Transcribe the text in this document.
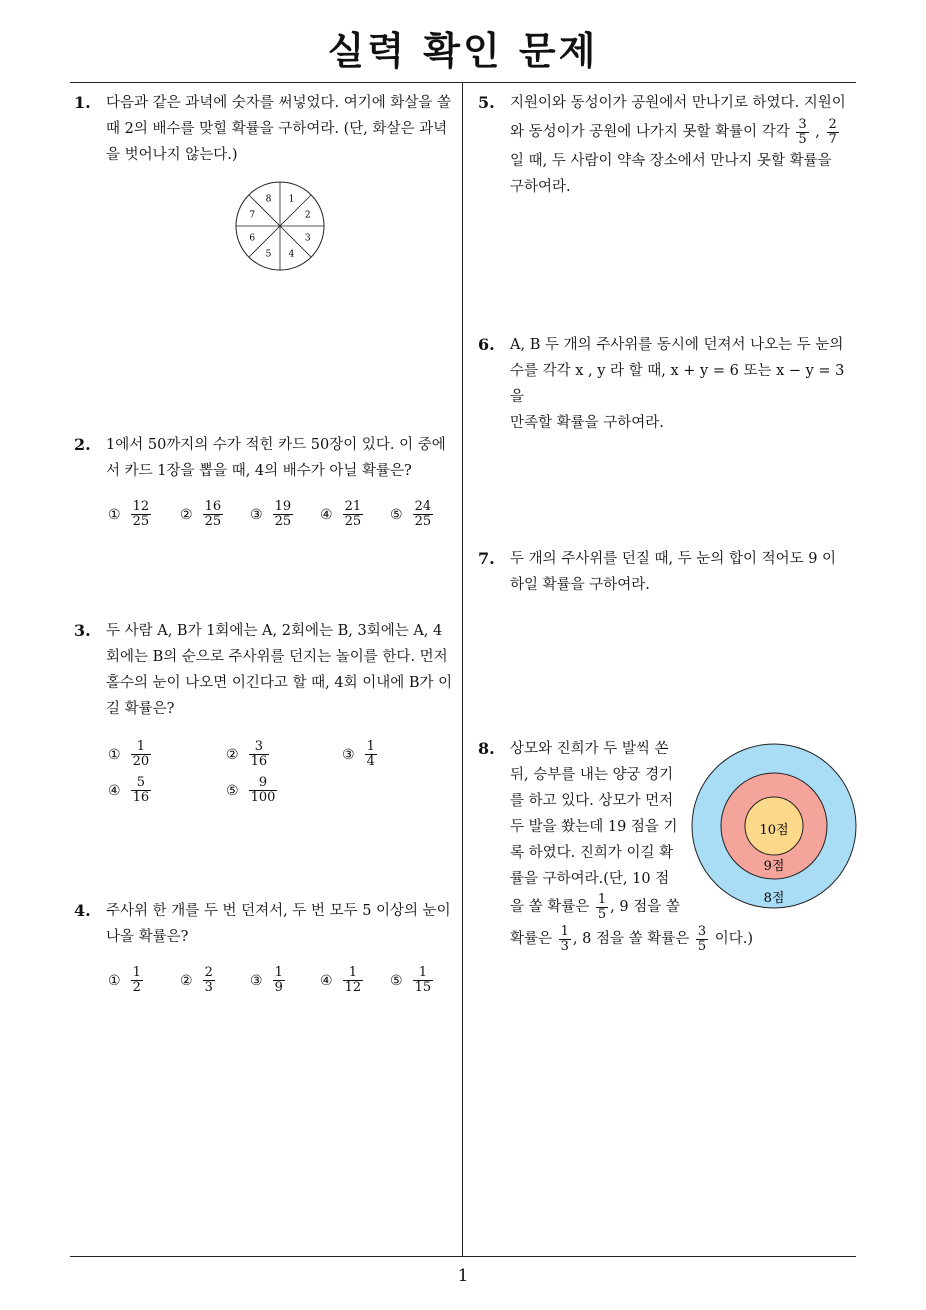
실력 확인 문제
1. 다음과 같은 과녁에 숫자를 써넣었다. 여기에 화살을 쏠 때 2의 배수를 맞힐 확률을 구하여라. (단, 화살은 과녁을 벗어나지 않는다.)
1
2
3
4
5
6
7
8
2. 1에서 50까지의 수가 적힌 카드 50장이 있다. 이 중에서 카드 1장을 뽑을 때, 4의 배수가 아닐 확률은?
① $\frac{12}{25}$ ② $\frac{16}{25}$ ③ $\frac{19}{25}$ ④ $\frac{21}{25}$ ⑤ $\frac{24}{25}$
3. 두 사람 A, B가 1회에는 A, 2회에는 B, 3회에는 A, 4회에는 B의 순으로 주사위를 던지는 놀이를 한다. 먼저 홀수의 눈이 나오면 이긴다고 할 때, 4회 이내에 B가 이길 확률은?
① $\frac{1}{20}$	② $\frac{3}{16}$	③ $\frac{1}{4}$
④ $\frac{5}{16}$	⑤ $\frac{9}{100}$
4. 주사위 한 개를 두 번 던져서, 두 번 모두 5 이상의 눈이 나올 확률은?
① $\frac{1}{2}$	② $\frac{2}{3}$	③ $\frac{1}{9}$	④ $\frac{1}{12}$ ⑤ $\frac{1}{15}$
5. 지원이와 동성이가 공원에서 만나기로 하였다. 지원이
와 동성이가 공원에 나가지 못할 확률이 각각 $\frac{3}{5}$ , $\frac{2}{7}$
일 때, 두 사람이 약속 장소에서 만나지 못할 확률을
구하여라.
6. A, B 두 개의 주사위를 동시에 던져서 나오는 두 눈의
수를 각각 x , y 라 할 때, x + y = 6 또는 x − y = 3 을
만족할 확률을 구하여라.
7. 두 개의 주사위를 던질 때, 두 눈의 합이 적어도 9 이
하일 확률을 구하여라.
8. 상모와 진희가 두 발씩 쏜
뒤, 승부를 내는 양궁 경기
를 하고 있다. 상모가 먼저
두 발을 쐈는데 19 점을 기
록 하였다. 진희가 이길 확
률을 구하여라.(단, 10 점
을 쏠 확률은 $\frac{1}{5}$ , 9 점을 쏠
확률은 $\frac{1}{3}$ , 8 점을 쏠 확률은 $\frac{3}{5}$ 이다.)
10점
9점
8점
1
